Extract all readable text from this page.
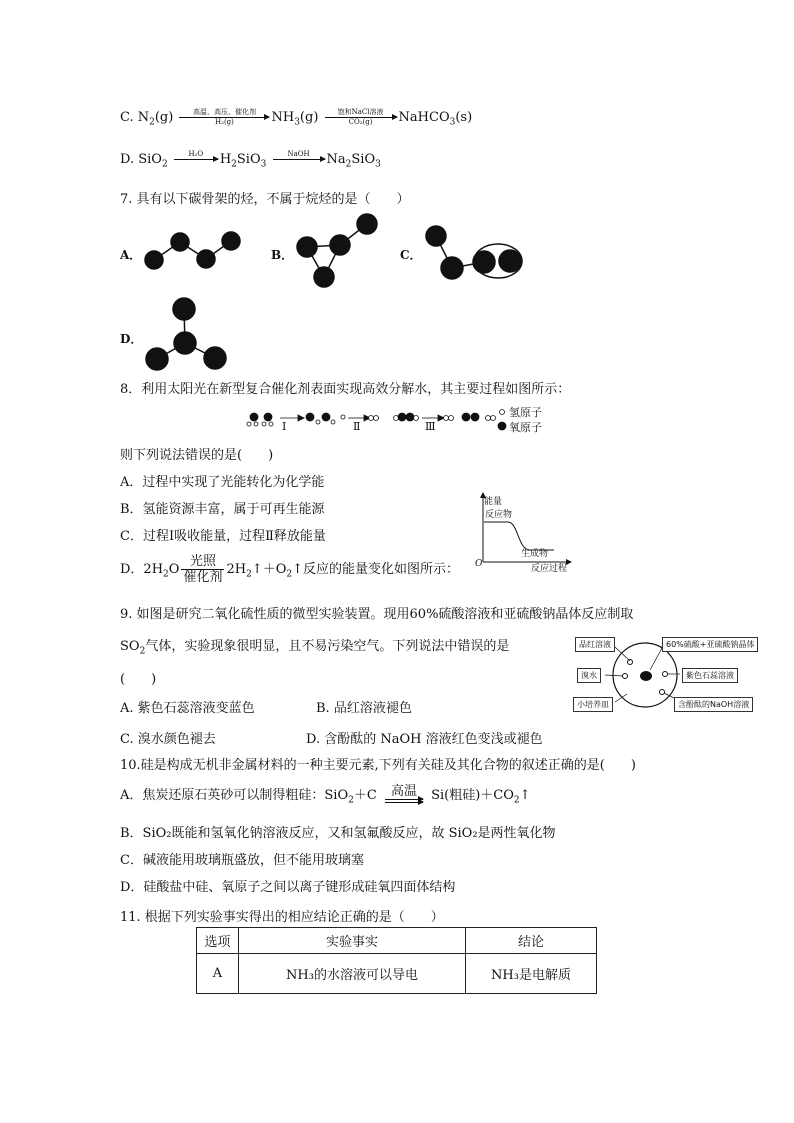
C. $N_2(g)$	高温、高压、催化剂
H₂(g)	$NH_3(g)$	饱和NaCl溶液
CO₂(g)	NaHCO$_3$(s)
D. SiO$_2$
H₂O
	$H_2SiO_3$
NaOH
	$Na_2SiO_3$
7. 具有以下碳骨架的烃，不属于烷烃的是（　　）
A．	B．	C．
D．
8．利用太阳光在新型复合催化剂表面实现高效分解水，其主要过程如图所示：
Ⅰ	Ⅱ	Ⅲ
氢原子
氧原子
则下列说法错误的是(　　)
A．过程中实现了光能转化为化学能
B．氢能资源丰富，属于可再生能源
C．过程Ⅰ吸收能量，过程Ⅱ释放能量
D．$2H_2O \frac{\text{光照}}{\text{催化剂}}$ $2H_2↑+O_2↑$反应的能量变化如图所示：
能量
反应物
生成物
反应过程
O
9. 如图是研究二氧化硫性质的微型实验装置。现用60%硫酸溶液和亚硫酸钠晶体反应制取
$SO_2$气体，实验现象很明显，且不易污染空气。下列说法中错误的是
(　　)
A. 紫色石蕊溶液变蓝色	B. 品红溶液褪色
C. 溴水颜色褪去	D. 含酚酞的 NaOH 溶液红色变浅或褪色
品红溶液	60%硫酸+亚硫酸钠晶体
溴水	紫色石蕊溶液
小培养皿	含酚酞的NaOH溶液
10.硅是构成无机非金属材料的一种主要元素,下列有关硅及其化合物的叙述正确的是(　　)
A．焦炭还原石英砂可以制得粗硅：SiO$_2$＋C	高温	Si(粗硅)$+CO_2↑$
B．SiO₂既能和氢氧化钠溶液反应，又和氢氟酸反应，故 SiO₂是两性氧化物
C．碱液能用玻璃瓶盛放，但不能用玻璃塞
D．硅酸盐中硅、氧原子之间以离子键形成硅氧四面体结构
11. 根据下列实验事实得出的相应结论正确的是（　　）
选项	实验事实	结论
A	NH₃的水溶液可以导电	NH₃是电解质
